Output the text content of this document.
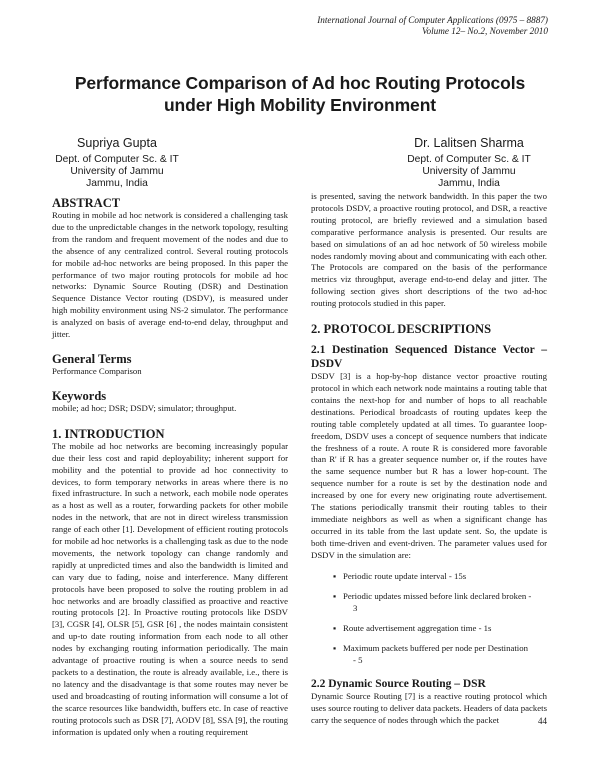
International Journal of Computer Applications (0975 – 8887)
Volume 12– No.2, November 2010
Performance Comparison of Ad hoc Routing Protocols
under High Mobility Environment
Supriya Gupta
Dept. of Computer Sc. & IT
University of Jammu
Jammu, India
Dr. Lalitsen Sharma
Dept. of Computer Sc. & IT
University of Jammu
Jammu, India
ABSTRACT

Routing in mobile ad hoc network is considered a challenging task due to the unpredictable changes in the network topology, resulting from the random and frequent movement of the nodes and due to the absence of any centralized control. Several routing protocols for mobile ad-hoc networks are being proposed. In this paper the performance of two major routing protocols for mobile ad hoc networks: Dynamic Source Routing (DSR) and Destination Sequence Distance Vector routing (DSDV), is measured under high mobility environment using NS-2 simulator. The performance is analyzed on basis of average end-to-end delay, throughput and jitter.

General Terms

Performance Comparison

Keywords

mobile; ad hoc; DSR; DSDV; simulator; throughput.

1. INTRODUCTION

The mobile ad hoc networks are becoming increasingly popular due their less cost and rapid deployability; inherent support for mobility and the potential to provide ad hoc connectivity to devices, to form temporary networks in areas where there is no fixed infrastructure. In such a network, each mobile node operates as a host as well as a router, forwarding packets for other mobile nodes in the network, that are not in direct wireless transmission range of each other [1]. Development of efficient routing protocols for mobile ad hoc networks is a challenging task as due to the node movements, the network topology can change randomly and rapidly at unpredicted times and also the bandwidth is limited and can vary due to fading, noise and interference. Many different protocols have been proposed to solve the routing problem in ad hoc networks and are broadly classified as proactive and reactive routing protocols [2]. In Proactive routing protocols like DSDV [3], CGSR [4], OLSR [5], GSR [6] , the nodes maintain consistent and up-to date routing information from each node to all other nodes by exchanging routing information periodically. The main advantage of proactive routing is when a source needs to send packets to a destination, the route is already available, i.e., there is no latency and the disadvantage is that some routes may never be used and broadcasting of routing information will consume a lot of the scarce resources like bandwidth, buffers etc. In case of reactive routing protocols such as DSR [7], AODV [8], SSA [9], the routing information is updated only when a routing requirement

is presented, saving the network bandwidth. In this paper the two protocols DSDV, a proactive routing protocol, and DSR, a reactive routing protocol, are briefly reviewed and a simulation based comparative performance analysis is presented. Our results are based on simulations of an ad hoc network of 50 wireless mobile nodes randomly moving about and communicating with each other. The Protocols are compared on the basis of the performance metrics viz throughput, average end-to-end delay and jitter. The following section gives short descriptions of the two ad-hoc routing protocols studied in this paper.

2. PROTOCOL DESCRIPTIONS
2.1 Destination Sequenced Distance Vector – DSDV

DSDV [3] is a hop-by-hop distance vector proactive routing protocol in which each network node maintains a routing table that contains the next-hop for and number of hops to all reachable destinations. Periodical broadcasts of routing updates keep the routing table completely updated at all times. To guarantee loop-freedom, DSDV uses a concept of sequence numbers that indicate the freshness of a route. A route R is considered more favorable than R' if R has a greater sequence number or, if the routes have the same sequence number but R has a lower hop-count. The sequence number for a route is set by the destination node and increased by one for every new originating route advertisement. The stations periodically transmit their routing tables to their immediate neighbors as well as when a significant change has occurred in its table from the last update sent. So, the update is both time-driven and event-driven. The parameter values used for DSDV in the simulation are:

▪ Periodic route update interval - 15s
▪ Periodic updates missed before link declared broken -
3
▪ Route advertisement aggregation time - 1s
▪ Maximum packets buffered per node per Destination
- 5
2.2 Dynamic Source Routing – DSR

Dynamic Source Routing [7] is a reactive routing protocol which uses source routing to deliver data packets. Headers of data packets carry the sequence of nodes through which the packet	44
